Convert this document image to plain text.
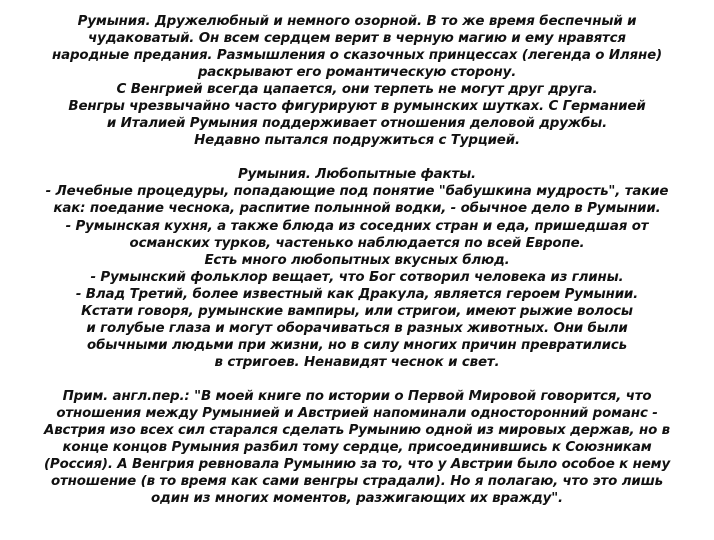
Румыния. Дружелюбный и немного озорной. В то же время беспечный и
чудаковатый. Он всем сердцем верит в черную магию и ему нравятся
народные предания. Размышления о сказочных принцессах (легенда о Иляне)
раскрывают его романтическую сторону.
С Венгрией всегда цапается, они терпеть не могут друг друга.
Венгры чрезвычайно часто фигурируют в румынских шутках. С Германией
и Италией Румыния поддерживает отношения деловой дружбы.
Недавно пытался подружиться с Турцией.

Румыния. Любопытные факты.
- Лечебные процедуры, попадающие под понятие "бабушкина мудрость", такие
как: поедание чеснока, распитие полынной водки, - обычное дело в Румынии.
- Румынская кухня, а также блюда из соседних стран и еда, пришедшая от
османских турков, частенько наблюдается по всей Европе.
Есть много любопытных вкусных блюд.
- Румынский фольклор вещает, что Бог сотворил человека из глины.
- Влад Третий, более известный как Дракула, является героем Румынии.
Кстати говоря, румынские вампиры, или стригои, имеют рыжие волосы
и голубые глаза и могут оборачиваться в разных животных. Они были
обычными людьми при жизни, но в силу многих причин превратились
в стригоев. Ненавидят чеснок и свет.

Прим. англ.пер.: "В моей книге по истории о Первой Мировой говорится, что
отношения между Румынией и Австрией напоминали односторонний романс -
Австрия изо всех сил старался сделать Румынию одной из мировых держав, но в
конце концов Румыния разбил тому сердце, присоединившись к Союзникам
(Россия). А Венгрия ревновала Румынию за то, что у Австрии было особое к нему
отношение (в то время как сами венгры страдали). Но я полагаю, что это лишь
один из многих моментов, разжигающих их вражду".
